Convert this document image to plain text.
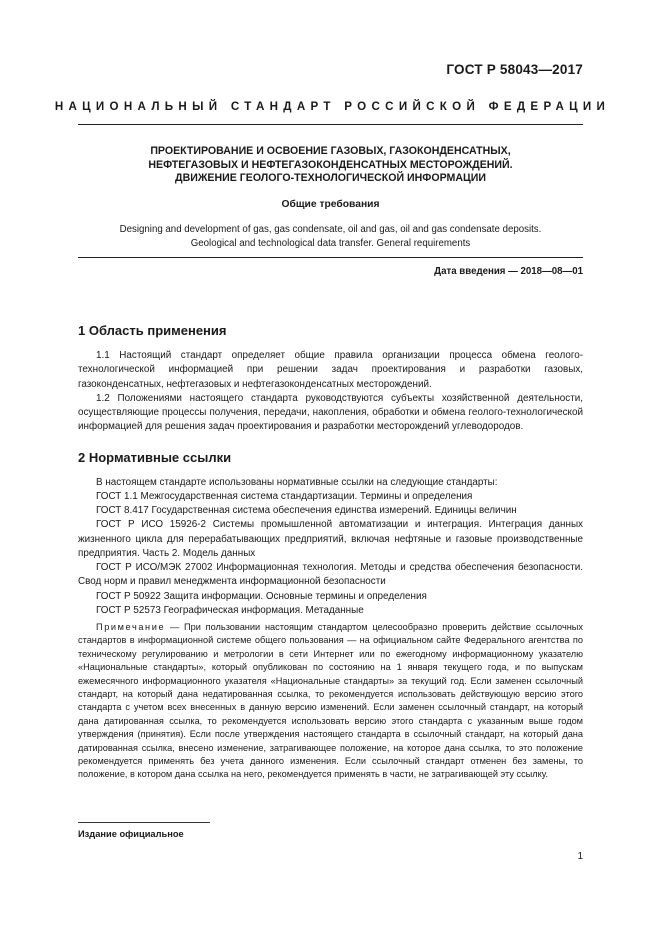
ГОСТ Р 58043—2017
НАЦИОНАЛЬНЫЙ СТАНДАРТ РОССИЙСКОЙ ФЕДЕРАЦИИ
ПРОЕКТИРОВАНИЕ И ОСВОЕНИЕ ГАЗОВЫХ, ГАЗОКОНДЕНСАТНЫХ,
НЕФТЕГАЗОВЫХ И НЕФТЕГАЗОКОНДЕНСАТНЫХ МЕСТОРОЖДЕНИЙ.
ДВИЖЕНИЕ ГЕОЛОГО-ТЕХНОЛОГИЧЕСКОЙ ИНФОРМАЦИИ
Общие требования
Designing and development of gas, gas condensate, oil and gas, oil and gas condensate deposits.
Geological and technological data transfer. General requirements
Дата введения — 2018—08—01
1 Область применения

1.1 Настоящий стандарт определяет общие правила организации процесса обмена геолого-технологической информацией при решении задач проектирования и разработки газовых, газоконденсатных, нефтегазовых и нефтегазоконденсатных месторождений.

1.2 Положениями настоящего стандарта руководствуются субъекты хозяйственной деятельности, осуществляющие процессы получения, передачи, накопления, обработки и обмена геолого-технологической информацией для решения задач проектирования и разработки месторождений углеводородов.

2 Нормативные ссылки

В настоящем стандарте использованы нормативные ссылки на следующие стандарты:

ГОСТ 1.1 Межгосударственная система стандартизации. Термины и определения

ГОСТ 8.417 Государственная система обеспечения единства измерений. Единицы величин

ГОСТ Р ИСО 15926-2 Системы промышленной автоматизации и интеграция. Интеграция данных жизненного цикла для перерабатывающих предприятий, включая нефтяные и газовые производственные предприятия. Часть 2. Модель данных

ГОСТ Р ИСО/МЭК 27002 Информационная технология. Методы и средства обеспечения безопасности. Свод норм и правил менеджмента информационной безопасности

ГОСТ Р 50922 Защита информации. Основные термины и определения

ГОСТ Р 52573 Географическая информация. Метаданные

Примечание — При пользовании настоящим стандартом целесообразно проверить действие ссылочных стандартов в информационной системе общего пользования — на официальном сайте Федерального агентства по техническому регулированию и метрологии в сети Интернет или по ежегодному информационному указателю «Национальные стандарты», который опубликован по состоянию на 1 января текущего года, и по выпускам ежемесячного информационного указателя «Национальные стандарты» за текущий год. Если заменен ссылочный стандарт, на который дана недатированная ссылка, то рекомендуется использовать действующую версию этого стандарта с учетом всех внесенных в данную версию изменений. Если заменен ссылочный стандарт, на который дана датированная ссылка, то рекомендуется использовать версию этого стандарта с указанным выше годом утверждения (принятия). Если после утверждения настоящего стандарта в ссылочный стандарт, на который дана датированная ссылка, внесено изменение, затрагивающее положение, на которое дана ссылка, то это положение рекомендуется применять без учета данного изменения. Если ссылочный стандарт отменен без замены, то положение, в котором дана ссылка на него, рекомендуется применять в части, не затрагивающей эту ссылку.
Издание официальное
1
